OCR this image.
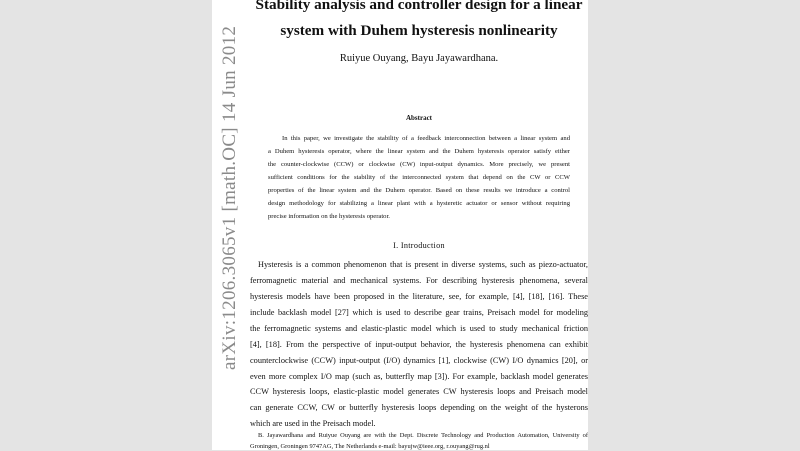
arXiv:1206.3065v1 [math.OC] 14 Jun 2012
Stability analysis and controller design for a linear
system with Duhem hysteresis nonlinearity
Ruiyue Ouyang, Bayu Jayawardhana.
Abstract
In this paper, we investigate the stability of a feedback interconnection between a linear system and
a Duhem hysteresis operator, where the linear system and the Duhem hysteresis operator satisfy either
the counter-clockwise (CCW) or clockwise (CW) input-output dynamics. More precisely, we present
sufficient conditions for the stability of the interconnected system that depend on the CW or CCW
properties of the linear system and the Duhem operator. Based on these results we introduce a control
design methodology for stabilizing a linear plant with a hysteretic actuator or sensor without requiring
precise information on the hysteresis operator.
I. Introduction
Hysteresis is a common phenomenon that is present in diverse systems, such as piezo-actuator,
ferromagnetic material and mechanical systems. For describing hysteresis phenomena, several
hysteresis models have been proposed in the literature, see, for example, [4], [18], [16]. These
include backlash model [27] which is used to describe gear trains, Preisach model for modeling
the ferromagnetic systems and elastic-plastic model which is used to study mechanical friction
[4], [18]. From the perspective of input-output behavior, the hysteresis phenomena can exhibit
counterclockwise (CCW) input-output (I/O) dynamics [1], clockwise (CW) I/O dynamics [20], or
even more complex I/O map (such as, butterfly map [3]). For example, backlash model generates
CCW hysteresis loops, elastic-plastic model generates CW hysteresis loops and Preisach model
can generate CCW, CW or butterfly hysteresis loops depending on the weight of the hysterons
which are used in the Preisach model.
B. Jayawardhana and Ruiyue Ouyang are with the Dept. Discrete Technology and Production Automation, University of
Groningen, Groningen 9747AG, The Netherlands e-mail: bayujw@ieee.org, r.ouyang@rug.nl
